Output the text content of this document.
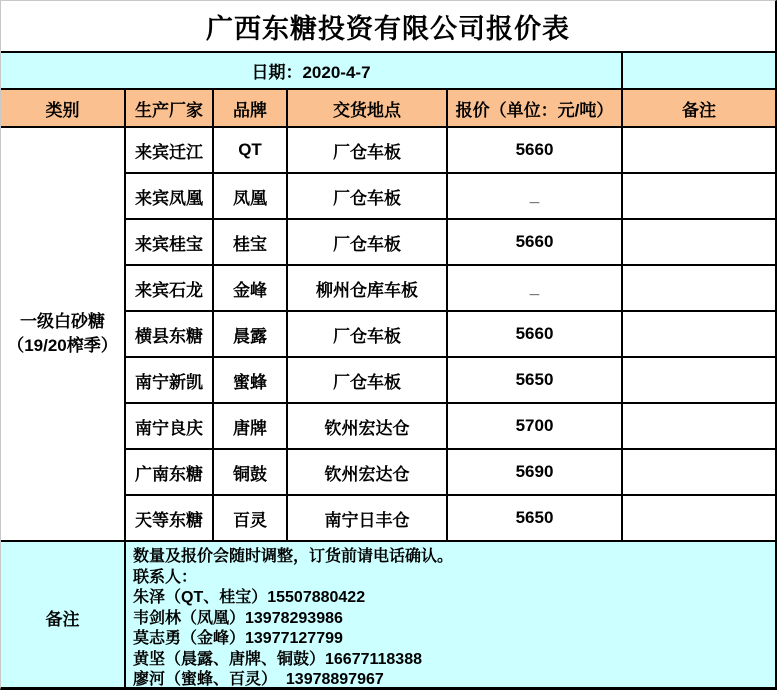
广西东糖投资有限公司报价表
日期：2020-4-7
类别	生产厂家	品牌	交货地点	报价（单位：元/吨）	备注
一级白砂糖
（19/20榨季）
来宾迁江	QT	厂仓车板	5660
来宾凤凰	凤凰	厂仓车板	_
来宾桂宝	桂宝	厂仓车板	5660
来宾石龙	金峰	柳州仓库车板	_
横县东糖	晨露	厂仓车板	5660
南宁新凯	蜜蜂	厂仓车板	5650
南宁良庆	唐牌	钦州宏达仓	5700
广南东糖	铜鼓	钦州宏达仓	5690
天等东糖	百灵	南宁日丰仓	5650
备注
数量及报价会随时调整，订货前请电话确认。
联系人：
朱泽（QT、桂宝）15507880422
韦剑林（凤凰）13978293986
莫志勇（金峰）13977127799
黄坚（晨露、唐牌、铜鼓）16677118388
廖河（蜜蜂、百灵）  13978897967
